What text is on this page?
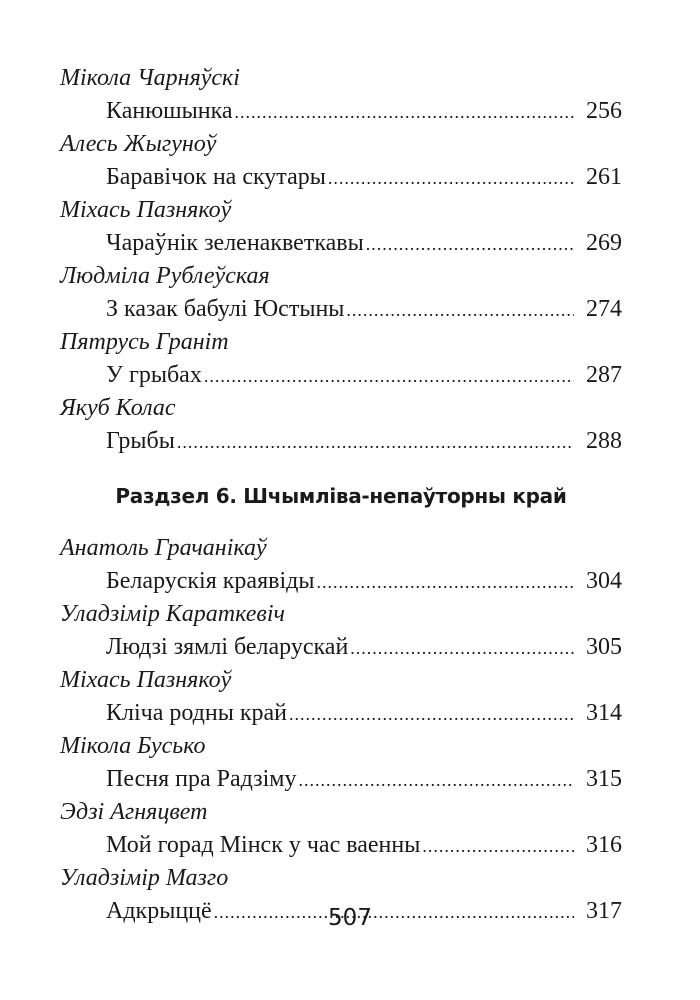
Мікола Чарняўскі
Канюшынка .....	256
Алесь Жыгуноў
Баравічок на скутары .....	261
Міхась Пазнякоў
Чараўнік зеленакветкавы .....	269
Людміла Рублеўская
З казак бабулі Юстыны .....	274
Пятрусь Граніт
У грыбах .....	287
Якуб Колас
Грыбы .....	288
Раздзел 6. Шчымліва-непаўторны край
Анатоль Грачанікаў
Беларускія краявіды .....	304
Уладзімір Караткевіч
Людзі зямлі беларускай .....	305
Міхась Пазнякоў
Кліча родны край .....	314
Мікола Бусько
Песня пра Радзіму .....	315
Эдзі Агняцвет
Мой горад Мінск у час ваенны .....	316
Уладзімір Мазго
Адкрыццё .....	317
507
